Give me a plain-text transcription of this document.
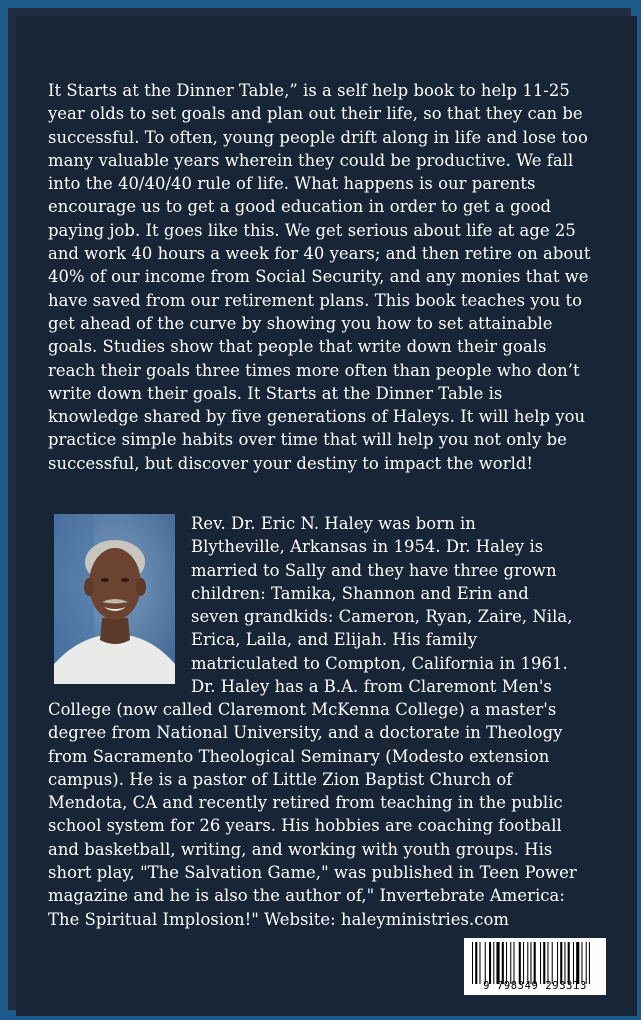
It Starts at the Dinner Table,” is a self help book to help 11-25
year olds to set goals and plan out their life, so that they can be
successful. To often, young people drift along in life and lose too
many valuable years wherein they could be productive. We fall
into the 40/40/40 rule of life. What happens is our parents
encourage us to get a good education in order to get a good
paying job. It goes like this. We get serious about life at age 25
and work 40 hours a week for 40 years; and then retire on about
40% of our income from Social Security, and any monies that we
have saved from our retirement plans. This book teaches you to
get ahead of the curve by showing you how to set attainable
goals. Studies show that people that write down their goals
reach their goals three times more often than people who don’t
write down their goals. It Starts at the Dinner Table is
knowledge shared by five generations of Haleys. It will help you
practice simple habits over time that will help you not only be
successful, but discover your destiny to impact the world!
Rev. Dr. Eric N. Haley was born in
Blytheville, Arkansas in 1954. Dr. Haley is
married to Sally and they have three grown
children: Tamika, Shannon and Erin and
seven grandkids: Cameron, Ryan, Zaire, Nila,
Erica, Laila, and Elijah. His family
matriculated to Compton, California in 1961.
Dr. Haley has a B.A. from Claremont Men's
College (now called Claremont McKenna College) a master's
degree from National University, and a doctorate in Theology
from Sacramento Theological Seminary (Modesto extension
campus). He is a pastor of Little Zion Baptist Church of
Mendota, CA and recently retired from teaching in the public
school system for 26 years. His hobbies are coaching football
and basketball, writing, and working with youth groups. His
short play, "The Salvation Game," was published in Teen Power
magazine and he is also the author of," Invertebrate America:
The Spiritual Implosion!" Website: haleyministries.com
9 798349 293313
